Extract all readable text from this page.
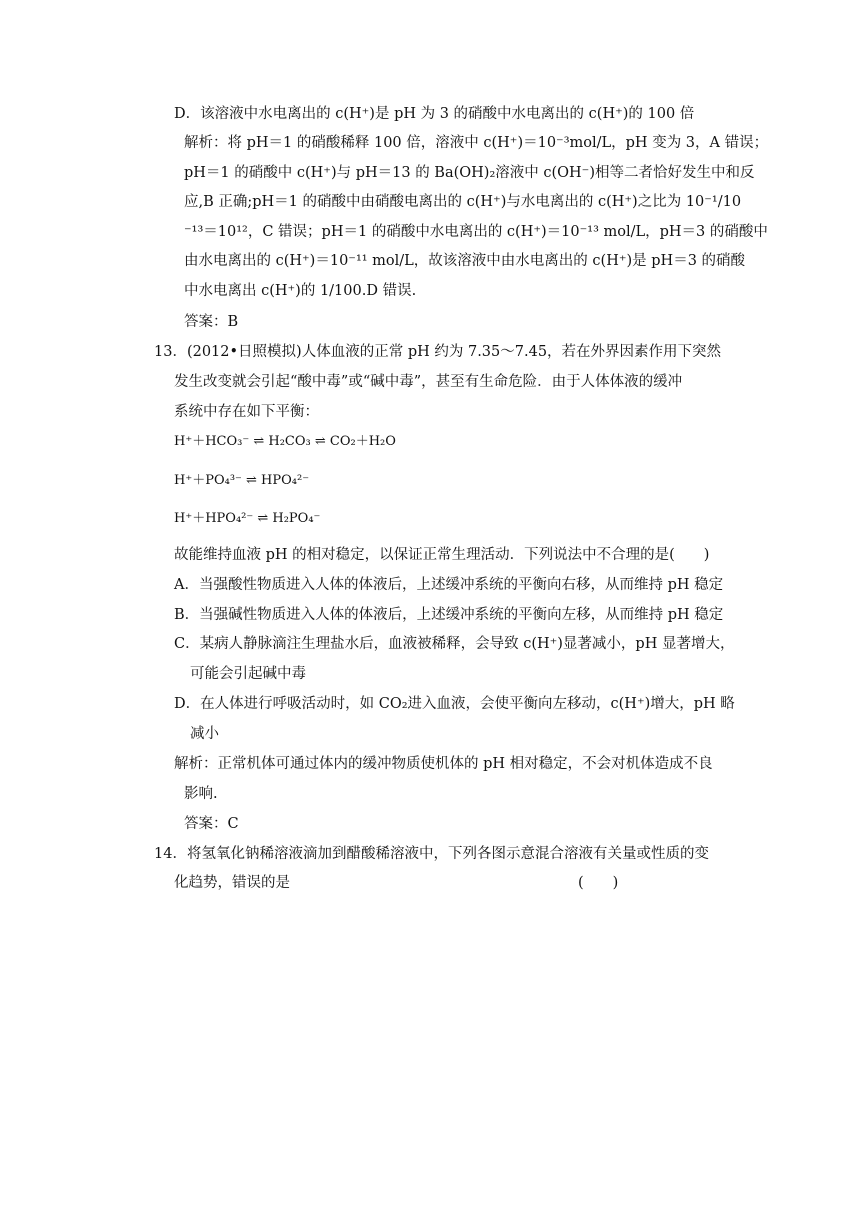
D．该溶液中水电离出的 c(H⁺)是 pH 为 3 的硝酸中水电离出的 c(H⁺)的 100 倍
解析：将 pH＝1 的硝酸稀释 100 倍，溶液中 c(H⁺)＝10⁻³mol/L，pH 变为 3，A 错误；
pH＝1 的硝酸中 c(H⁺)与 pH＝13 的 Ba(OH)₂溶液中 c(OH⁻)相等二者恰好发生中和反
应,B 正确;pH＝1 的硝酸中由硝酸电离出的 c(H⁺)与水电离出的 c(H⁺)之比为 10⁻¹/10
⁻¹³＝10¹²，C 错误；pH＝1 的硝酸中水电离出的 c(H⁺)＝10⁻¹³ mol/L，pH＝3 的硝酸中
由水电离出的 c(H⁺)＝10⁻¹¹ mol/L，故该溶液中由水电离出的 c(H⁺)是 pH＝3 的硝酸
中水电离出 c(H⁺)的 1/100.D 错误.
答案：B
13．(2012•日照模拟)人体血液的正常 pH 约为 7.35～7.45，若在外界因素作用下突然
发生改变就会引起“酸中毒”或“碱中毒”，甚至有生命危险．由于人体体液的缓冲
系统中存在如下平衡：
H⁺＋HCO₃⁻ ⇌ H₂CO₃ ⇌ CO₂＋H₂O
H⁺＋PO₄³⁻ ⇌ HPO₄²⁻
H⁺＋HPO₄²⁻ ⇌ H₂PO₄⁻
故能维持血液 pH 的相对稳定，以保证正常生理活动．下列说法中不合理的是(　　)
A．当强酸性物质进入人体的体液后，上述缓冲系统的平衡向右移，从而维持 pH 稳定
B．当强碱性物质进入人体的体液后，上述缓冲系统的平衡向左移，从而维持 pH 稳定
C．某病人静脉滴注生理盐水后，血液被稀释，会导致 c(H⁺)显著减小，pH 显著增大，
可能会引起碱中毒
D．在人体进行呼吸活动时，如 CO₂进入血液，会使平衡向左移动，c(H⁺)增大，pH 略
减小
解析：正常机体可通过体内的缓冲物质使机体的 pH 相对稳定，不会对机体造成不良
影响.
答案：C
14．将氢氧化钠稀溶液滴加到醋酸稀溶液中，下列各图示意混合溶液有关量或性质的变
化趋势，错误的是	(　　)
